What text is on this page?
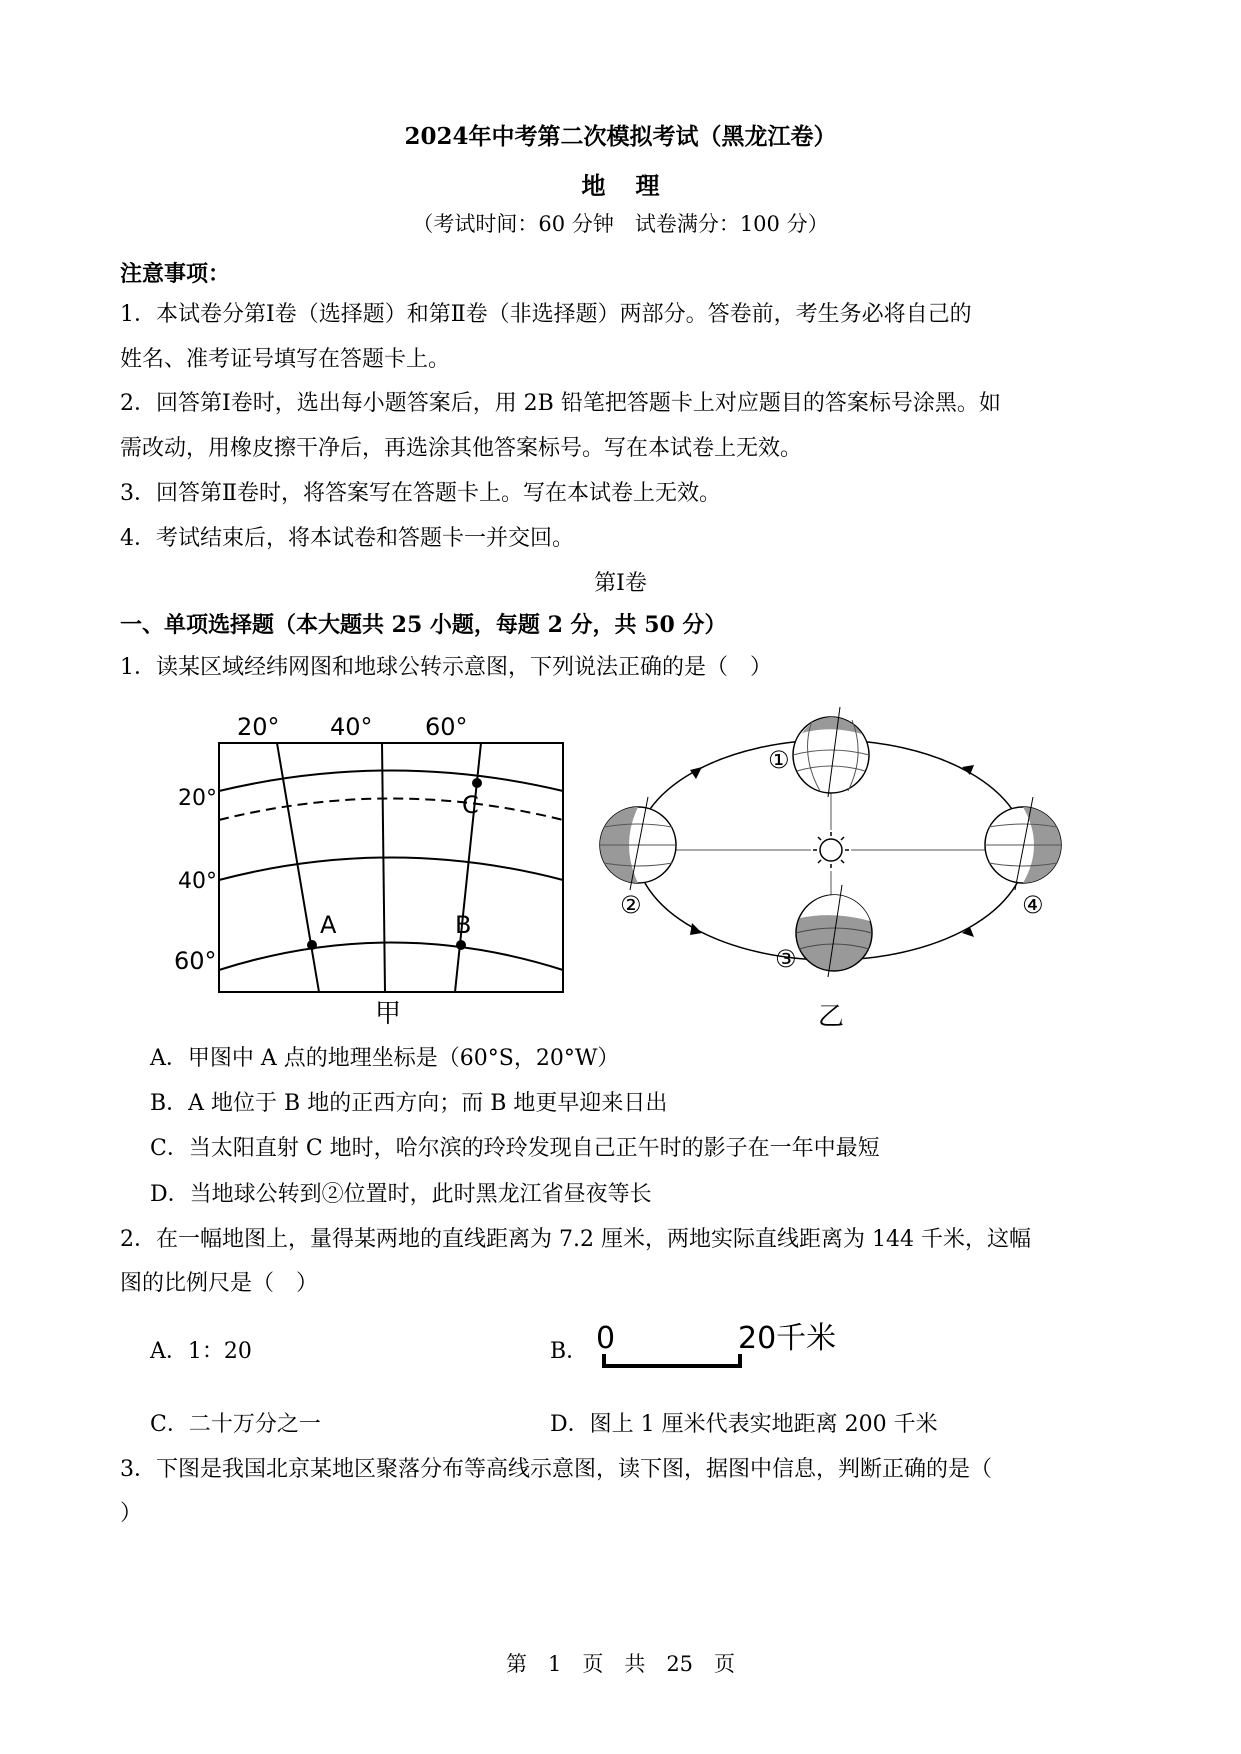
2024年中考第二次模拟考试（黑龙江卷）
地理
（考试时间：60 分钟　试卷满分：100 分）
注意事项：
1．本试卷分第Ⅰ卷（选择题）和第Ⅱ卷（非选择题）两部分。答卷前，考生务必将自己的
姓名、准考证号填写在答题卡上。
2．回答第Ⅰ卷时，选出每小题答案后，用 2B 铅笔把答题卡上对应题目的答案标号涂黑。如
需改动，用橡皮擦干净后，再选涂其他答案标号。写在本试卷上无效。
3．回答第Ⅱ卷时，将答案写在答题卡上。写在本试卷上无效。
4．考试结束后，将本试卷和答题卡一并交回。
第Ⅰ卷
一、单项选择题（本大题共 25 小题，每题 2 分，共 50 分）
1．读某区域经纬网图和地球公转示意图，下列说法正确的是（　）
A	B
C
20° 40° 60°
20°
40°
60°
甲
①
②
③
④
乙
A．甲图中 A 点的地理坐标是（60°S，20°W）
B．A 地位于 B 地的正西方向；而 B 地更早迎来日出
C．当太阳直射 C 地时，哈尔滨的玲玲发现自己正午时的影子在一年中最短
D．当地球公转到②位置时，此时黑龙江省昼夜等长
2．在一幅地图上，量得某两地的直线距离为 7.2 厘米，两地实际直线距离为 144 千米，这幅
图的比例尺是（　）
A．1：20	B． 0	20千米
C．二十万分之一	D．图上 1 厘米代表实地距离 200 千米
3．下图是我国北京某地区聚落分布等高线示意图，读下图，据图中信息，判断正确的是（
）
第　1　页　共　25　页
